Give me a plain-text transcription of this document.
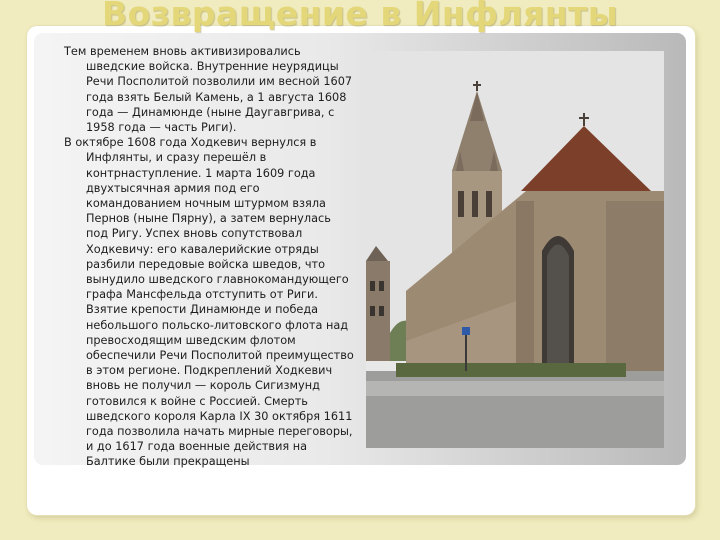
Возвращение в Инфлянты

Тем временем вновь активизировались шведские войска. Внутренние неурядицы Речи Посполитой позволили им весной 1607 года взять Белый Камень, а 1 августа 1608 года — Динамюнде (ныне Даугавгрива, с 1958 года — часть Риги).

В октябре 1608 года Ходкевич вернулся в Инфлянты, и сразу перешёл в контрнаступление. 1 марта 1609 года двухтысячная армия под его командованием ночным штурмом взяла Пернов (ныне Пярну), а затем вернулась под Ригу. Успех вновь сопутствовал Ходкевичу: его кавалерийские отряды разбили передовые войска шведов, что вынудило шведского главнокомандующего графа Мансфельда отступить от Риги. Взятие крепости Динамюнде и победа небольшого польско-литовского флота над превосходящим шведским флотом обеспечили Речи Посполитой преимущество в этом регионе. Подкреплений Ходкевич вновь не получил — король Сигизмунд готовился к войне с Россией. Смерть шведского короля Карла IX 30 октября 1611 года позволила начать мирные переговоры, и до 1617 года военные действия на Балтике были прекращены
